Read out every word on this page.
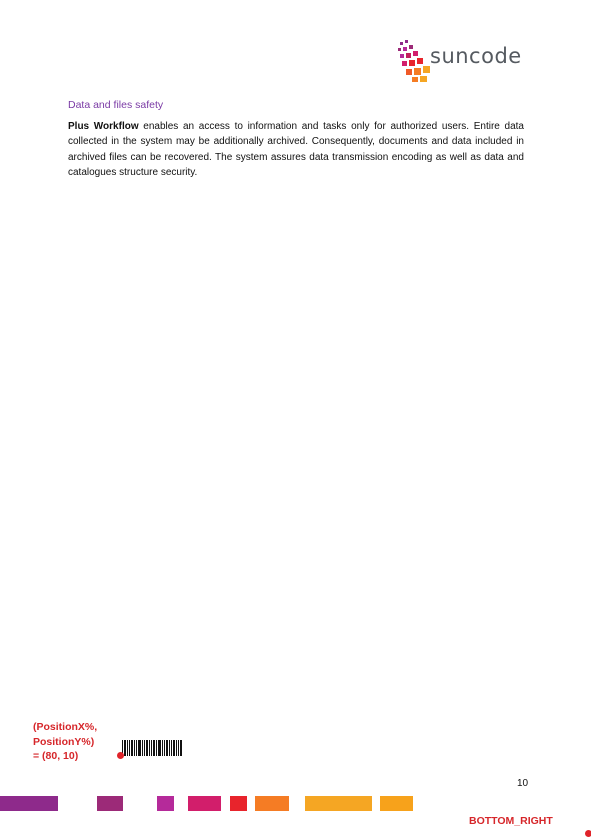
suncode
Data and files safety
Plus Workflow enables an access to information and tasks only for authorized users. Entire data collected in the system may be additionally archived. Consequently, documents and data included in archived files can be recovered. The system assures data transmission encoding as well as data and catalogues structure security.
(PositionX%,
PositionY%)
= (80, 10)
10
BOTTOM_RIGHT
